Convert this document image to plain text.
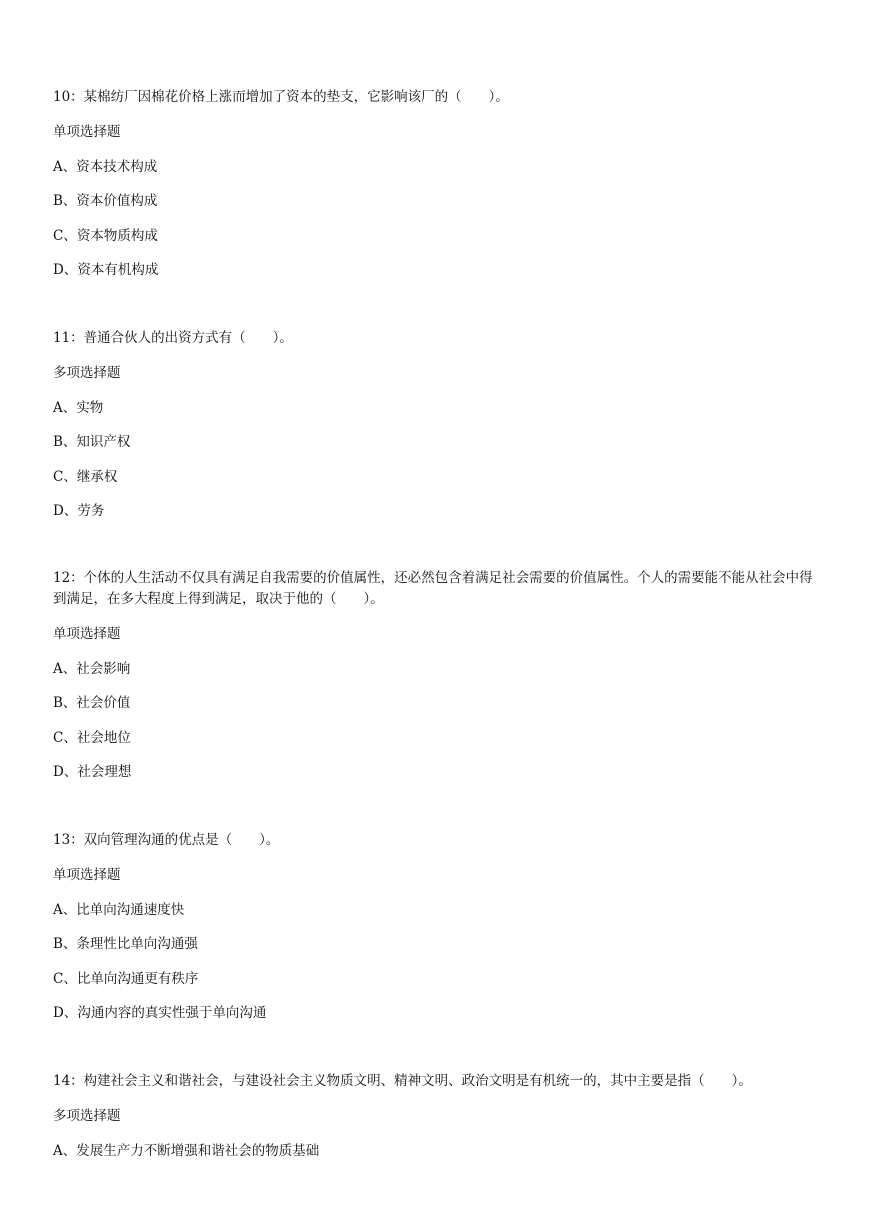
10：某棉纺厂因棉花价格上涨而增加了资本的垫支，它影响该厂的（　　）。

单项选择题
A、资本技术构成
B、资本价值构成
C、资本物质构成
D、资本有机构成

11：普通合伙人的出资方式有（　　）。

多项选择题
A、实物
B、知识产权
C、继承权
D、劳务

12：个体的人生活动不仅具有满足自我需要的价值属性，还必然包含着满足社会需要的价值属性。个人的需要能不能从社会中得到满足，在多大程度上得到满足，取决于他的（　　）。

单项选择题
A、社会影响
B、社会价值
C、社会地位
D、社会理想

13：双向管理沟通的优点是（　　）。

单项选择题
A、比单向沟通速度快
B、条理性比单向沟通强
C、比单向沟通更有秩序
D、沟通内容的真实性强于单向沟通

14：构建社会主义和谐社会，与建设社会主义物质文明、精神文明、政治文明是有机统一的，其中主要是指（　　）。

多项选择题
A、发展生产力不断增强和谐社会的物质基础
